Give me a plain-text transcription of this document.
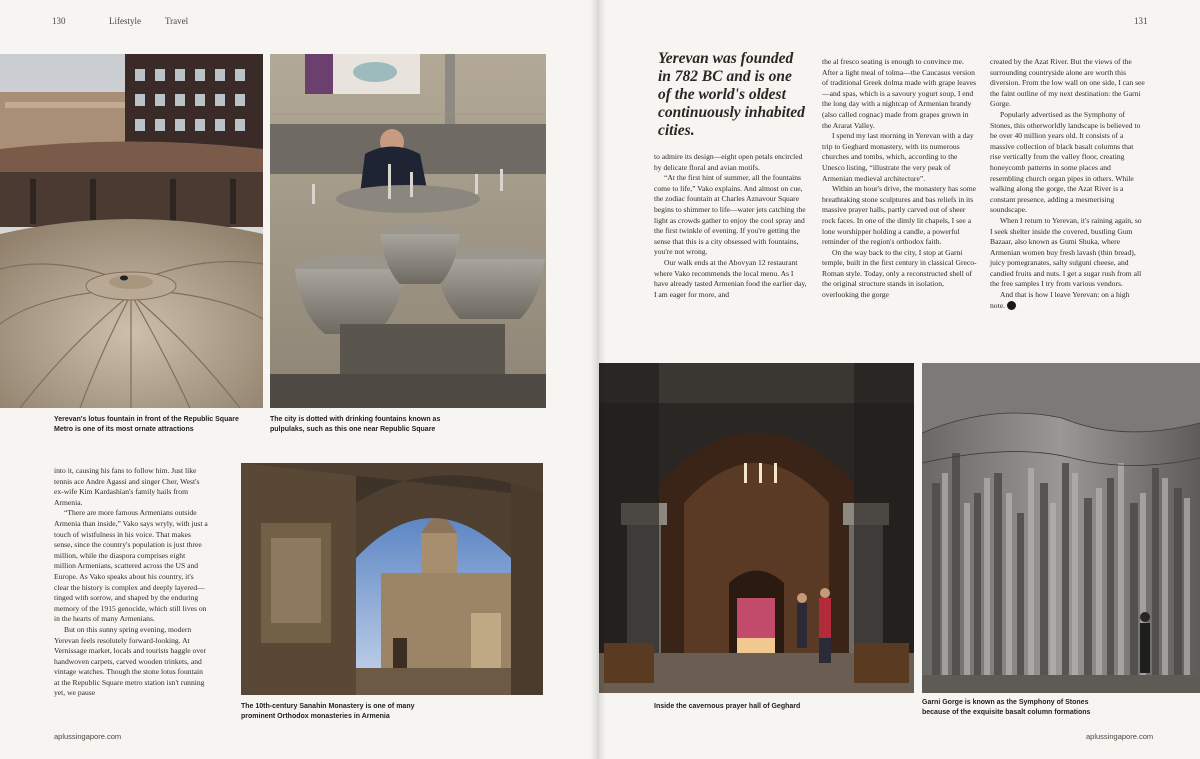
130	Lifestyle	Travel
Yerevan's lotus fountain in front of the Republic Square Metro is one of its most ornate attractions
The city is dotted with drinking fountains known as pulpulaks, such as this one near Republic Square

into it, causing his fans to follow him. Just like tennis ace Andre Agassi and singer Cher, West's ex-wife Kim Kardashian's family hails from Armenia.

“There are more famous Armenians outside Armenia than inside,” Vako says wryly, with just a touch of wistfulness in his voice. That makes sense, since the country's population is just three million, while the diaspora comprises eight million Armenians, scattered across the US and Europe. As Vako speaks about his country, it's clear the history is complex and deeply layered—tinged with sorrow, and shaped by the enduring memory of the 1915 genocide, which still lives on in the hearts of many Armenians.

But on this sunny spring evening, modern Yerevan feels resolutely forward-looking. At Vernissage market, locals and tourists haggle over handwoven carpets, carved wooden trinkets, and vintage watches. Though the stone lotus fountain at the Republic Square metro station isn't running yet, we pause

The 10th-century Sanahin Monastery is one of many prominent Orthodox monasteries in Armenia
aplussingapore.com
131
Yerevan was founded in 782 BC and is one of the world's oldest continuously inhabited cities.

to admire its design—eight open petals encircled by delicate floral and avian motifs.

“At the first hint of summer, all the fountains come to life,” Vako explains. And almost on cue, the zodiac fountain at Charles Aznavour Square begins to shimmer to life—water jets catching the light as crowds gather to enjoy the cool spray and the first twinkle of evening. If you're getting the sense that this is a city obsessed with fountains, you're not wrong.

Our walk ends at the Abovyan 12 restaurant where Vako recommends the local menu. As I have already tasted Armenian food the earlier day, I am eager for more, and

the al fresco seating is enough to convince me. After a light meal of tolma—the Caucasus version of traditional Greek dolma made with grape leaves—and spas, which is a savoury yogurt soup, I end the long day with a nightcap of Armenian brandy (also called cognac) made from grapes grown in the Ararat Valley.

I spend my last morning in Yerevan with a day trip to Geghard monastery, with its numerous churches and tombs, which, according to the Unesco listing, “illustrate the very peak of Armenian medieval architecture”.

Within an hour's drive, the monastery has some breathtaking stone sculptures and bas reliefs in its massive prayer halls, partly carved out of sheer rock faces. In one of the dimly lit chapels, I see a lone worshipper holding a candle, a powerful reminder of the region's orthodox faith.

On the way back to the city, I stop at Garni temple, built in the first century in classical Greco-Roman style. Today, only a reconstructed shell of the original structure stands in isolation, overlooking the gorge

created by the Azat River. But the views of the surrounding countryside alone are worth this diversion. From the low wall on one side, I can see the faint outline of my next destination: the Garni Gorge.

Popularly advertised as the Symphony of Stones, this otherworldly landscape is believed to be over 40 million years old. It consists of a massive collection of black basalt columns that rise vertically from the valley floor, creating honeycomb patterns in some places and resembling church organ pipes in others. While walking along the gorge, the Azat River is a constant presence, adding a mesmerising soundscape.

When I return to Yerevan, it's raining again, so I seek shelter inside the covered, bustling Gum Bazaar, also known as Gumi Shuka, where Armenian women buy fresh lavash (thin bread), juicy pomegranates, salty sulguni cheese, and candied fruits and nuts. I get a sugar rush from all the free samples I try from various vendors.

And that is how I leave Yerevan: on a high note. A

Inside the cavernous prayer hall of Geghard
Garni Gorge is known as the Symphony of Stones because of the exquisite basalt column formations
aplussingapore.com
